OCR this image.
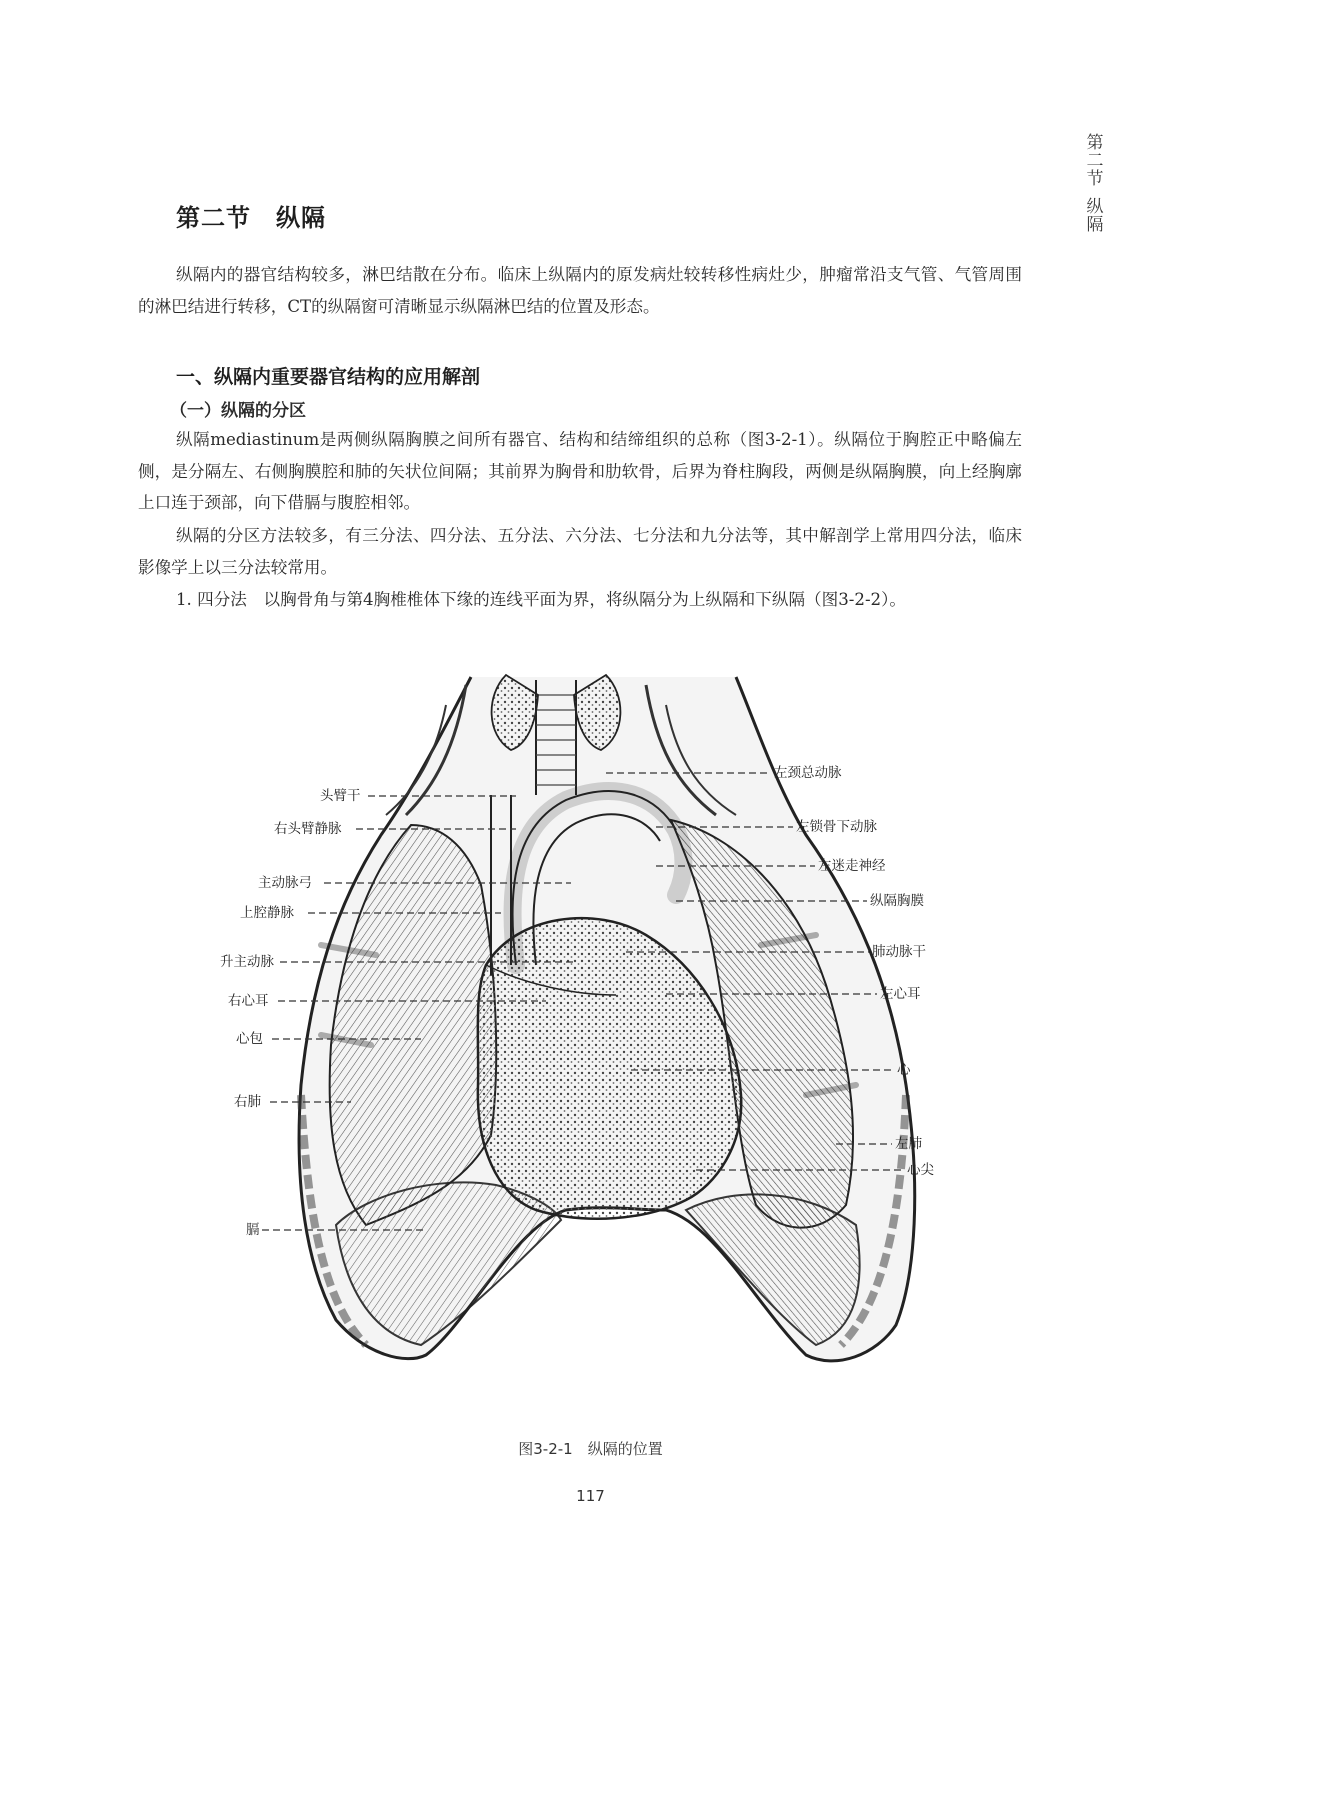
第二节
纵隔
第二节　纵隔

纵隔内的器官结构较多，淋巴结散在分布。临床上纵隔内的原发病灶较转移性病灶少，肿瘤常沿支气管、气管周围的淋巴结进行转移，CT的纵隔窗可清晰显示纵隔淋巴结的位置及形态。

一、纵隔内重要器官结构的应用解剖
（一）纵隔的分区

纵隔mediastinum是两侧纵隔胸膜之间所有器官、结构和结缔组织的总称（图3-2-1）。纵隔位于胸腔正中略偏左侧，是分隔左、右侧胸膜腔和肺的矢状位间隔；其前界为胸骨和肋软骨，后界为脊柱胸段，两侧是纵隔胸膜，向上经胸廓上口连于颈部，向下借膈与腹腔相邻。

纵隔的分区方法较多，有三分法、四分法、五分法、六分法、七分法和九分法等，其中解剖学上常用四分法，临床影像学上以三分法较常用。

1. 四分法　以胸骨角与第4胸椎椎体下缘的连线平面为界，将纵隔分为上纵隔和下纵隔（图3-2-2）。

头臂干
右头臂静脉
主动脉弓
上腔静脉
升主动脉
右心耳
心包
右肺
膈
左颈总动脉
左锁骨下动脉
左迷走神经
纵隔胸膜
肺动脉干
左心耳
心
左肺
心尖

图3-2-1　纵隔的位置

117
